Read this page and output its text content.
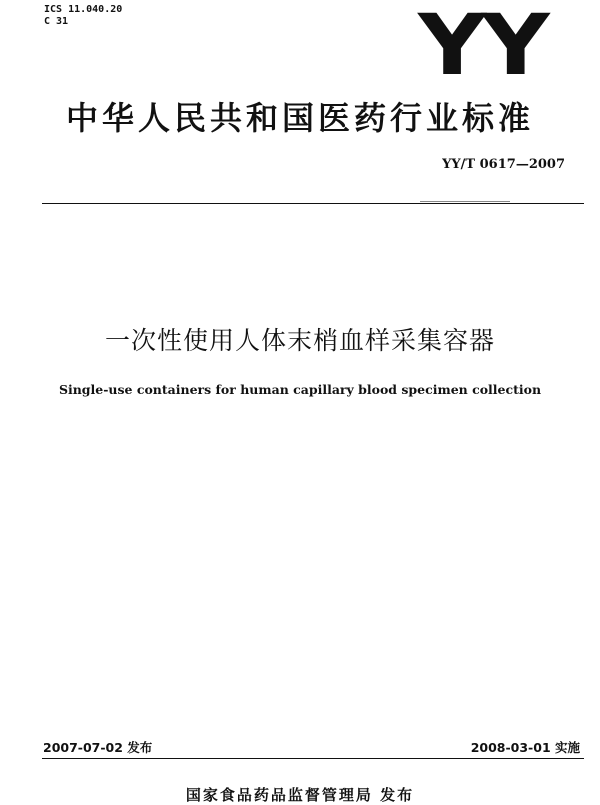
ICS 11.040.20
C 31	YY
中华人民共和国医药行业标准
YY/T 0617—2007
一次性使用人体末梢血样采集容器
Single-use containers for human capillary blood specimen collection
2007-07-02 发布	2008-03-01 实施
国家食品药品监督管理局 发布
